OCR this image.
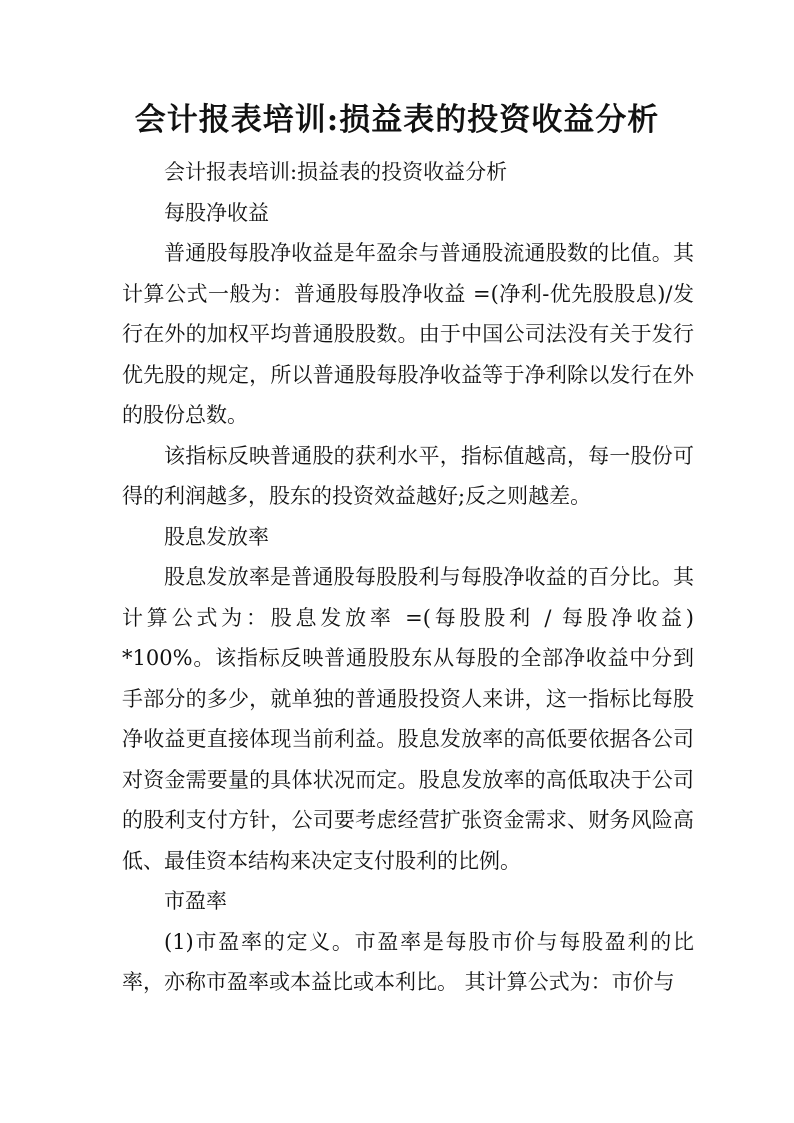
会计报表培训:损益表的投资收益分析

会计报表培训:损益表的投资收益分析

每股净收益

普通股每股净收益是年盈余与普通股流通股数的比值。其计算公式一般为：普通股每股净收益 =(净利-优先股股息)/发行在外的加权平均普通股股数。由于中国公司法没有关于发行优先股的规定，所以普通股每股净收益等于净利除以发行在外的股份总数。

该指标反映普通股的获利水平，指标值越高，每一股份可得的利润越多，股东的投资效益越好;反之则越差。

股息发放率

股息发放率是普通股每股股利与每股净收益的百分比。其计算公式为：股息发放率 =(每股股利 / 每股净收益) *100%。该指标反映普通股股东从每股的全部净收益中分到手部分的多少，就单独的普通股投资人来讲，这一指标比每股净收益更直接体现当前利益。股息发放率的高低要依据各公司对资金需要量的具体状况而定。股息发放率的高低取决于公司的股利支付方针，公司要考虑经营扩张资金需求、财务风险高低、最佳资本结构来决定支付股利的比例。

市盈率

(1)市盈率的定义。市盈率是每股市价与每股盈利的比率，亦称市盈率或本益比或本利比。 其计算公式为：市价与
